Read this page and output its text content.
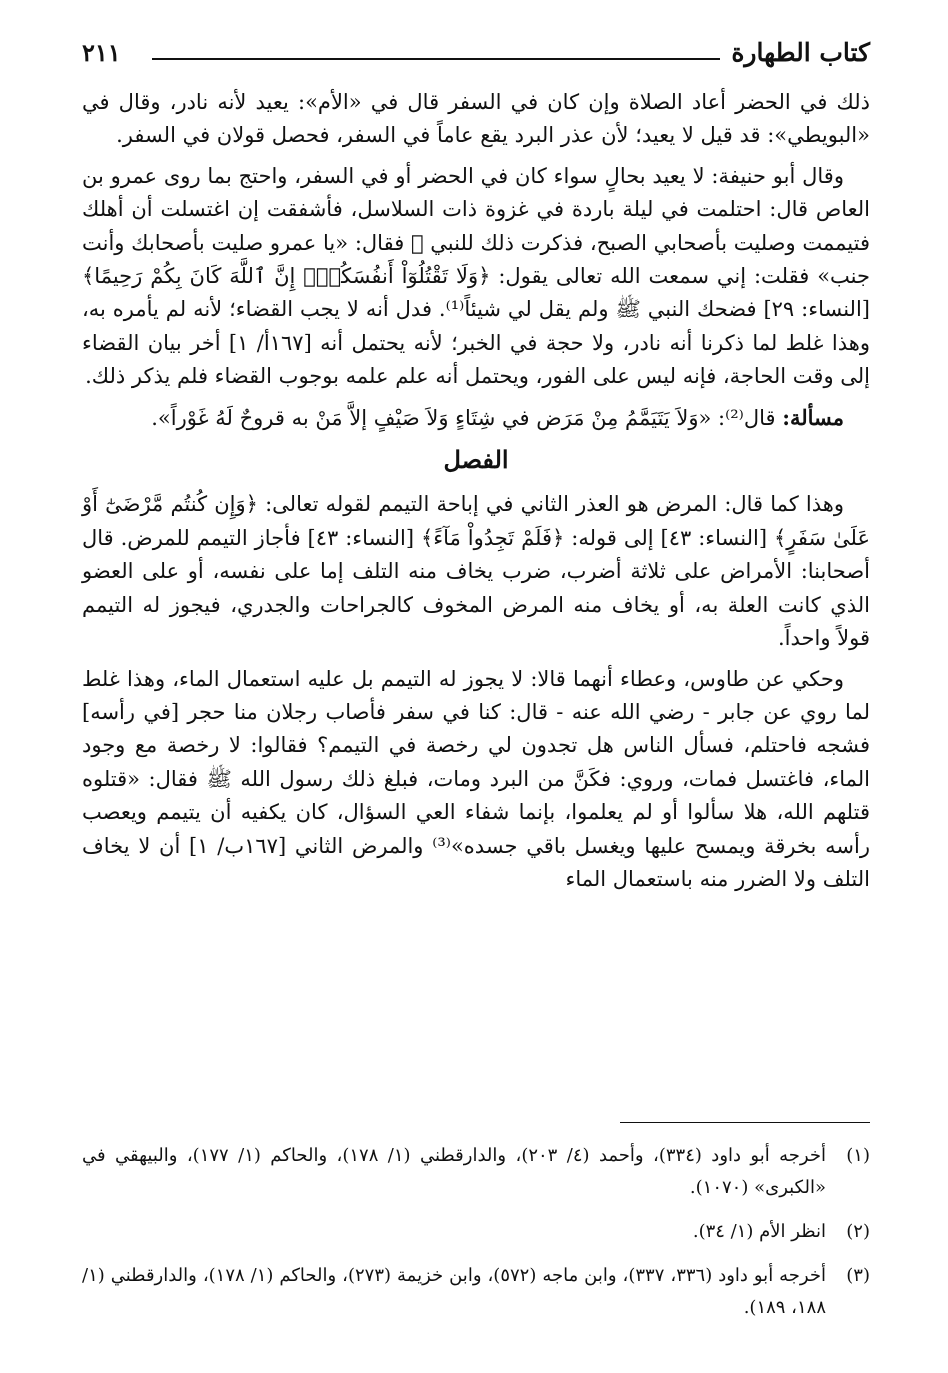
كتاب الطهارة
٢١١

ذلك في الحضر أعاد الصلاة وإن كان في السفر قال في «الأم»: يعيد لأنه نادر، وقال في «البويطي»: قد قيل لا يعيد؛ لأن عذر البرد يقع عاماً في السفر، فحصل قولان في السفر.

وقال أبو حنيفة: لا يعيد بحالٍ سواء كان في الحضر أو في السفر، واحتج بما روى عمرو بن العاص قال: احتلمت في ليلة باردة في غزوة ذات السلاسل، فأشفقت إن اغتسلت أن أهلك فتيممت وصليت بأصحابي الصبح، فذكرت ذلك للنبي ﷺ فقال: «يا عمرو صليت بأصحابك وأنت جنب» فقلت: إني سمعت الله تعالى يقول: ﴿وَلَا تَقْتُلُوٓاْ أَنفُسَكُمْۚ إِنَّ ٱللَّهَ كَانَ بِكُمْ رَحِيمًا﴾ [النساء: ٢٩] فضحك النبي ﷺ ولم يقل لي شيئاً⁽¹⁾. فدل أنه لا يجب القضاء؛ لأنه لم يأمره به، وهذا غلط لما ذكرنا أنه نادر، ولا حجة في الخبر؛ لأنه يحتمل أنه [١٦٧أ/ ١] أخر بيان القضاء إلى وقت الحاجة، فإنه ليس على الفور، ويحتمل أنه علم علمه بوجوب القضاء فلم يذكر ذلك.

مسألة: قال⁽²⁾: «وَلاَ يَتَيَمَّمُ مِنْ مَرَض في شِتَاءٍ وَلاَ صَيْفٍ إلاَّ مَنْ به قروحٌ لَهُ غَوْراً».

الفصل

وهذا كما قال: المرض هو العذر الثاني في إباحة التيمم لقوله تعالى: ﴿وَإِن كُنتُم مَّرْضَىٰٓ أَوْ عَلَىٰ سَفَرٍ﴾ [النساء: ٤٣] إلى قوله: ﴿فَلَمْ تَجِدُواْ مَآءً﴾ [النساء: ٤٣] فأجاز التيمم للمرض. قال أصحابنا: الأمراض على ثلاثة أضرب، ضرب يخاف منه التلف إما على نفسه، أو على العضو الذي كانت العلة به، أو يخاف منه المرض المخوف كالجراحات والجدري، فيجوز له التيمم قولاً واحداً.

وحكي عن طاوس، وعطاء أنهما قالا: لا يجوز له التيمم بل عليه استعمال الماء، وهذا غلط لما روي عن جابر - رضي الله عنه - قال: كنا في سفر فأصاب رجلان منا حجر [في رأسه] فشجه فاحتلم، فسأل الناس هل تجدون لي رخصة في التيمم؟ فقالوا: لا رخصة مع وجود الماء، فاغتسل فمات، وروي: فكَنَّ من البرد ومات، فبلغ ذلك رسول الله ﷺ فقال: «قتلوه قتلهم الله، هلا سألوا أو لم يعلموا، بإنما شفاء العي السؤال، كان يكفيه أن يتيمم ويعصب رأسه بخرقة ويمسح عليها ويغسل باقي جسده»⁽³⁾ والمرض الثاني [١٦٧ب/ ١] أن لا يخاف التلف ولا الضرر منه باستعمال الماء

(١)
أخرجه أبو داود (٣٣٤)، وأحمد (٤/ ٢٠٣)، والدارقطني (١/ ١٧٨)، والحاكم (١/ ١٧٧)، والبيهقي في «الكبرى» (١٠٧٠).
(٢)
انظر الأم (١/ ٣٤).
(٣)
أخرجه أبو داود (٣٣٦، ٣٣٧)، وابن ماجه (٥٧٢)، وابن خزيمة (٢٧٣)، والحاكم (١/ ١٧٨)، والدارقطني (١/ ١٨٨، ١٨٩).
